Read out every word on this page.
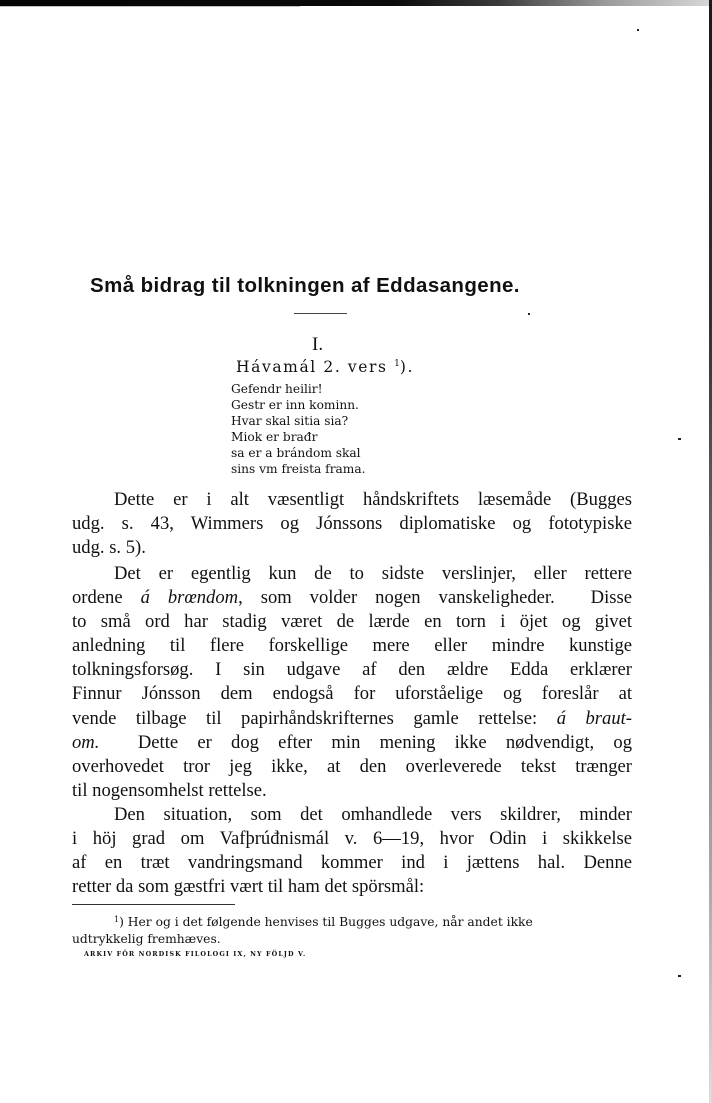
Små bidrag til tolkningen af Eddasangene.
I.
Hávamál 2. vers $^1$).
Gefendr heilir!
Gestr er inn kominn.
Hvar skal sitia sia?
Miok er brađr
sa er a brándom skal
sins vm freista frama.
Dette er i alt væsentligt håndskriftets læsemåde (Bugges
udg. s. 43, Wimmers og Jónssons diplomatiske og fototypiske
udg. s. 5).
Det er egentlig kun de to sidste verslinjer, eller rettere
ordene á brœndom, som volder nogen vanskeligheder.  Disse
to små ord har stadig været de lærde en torn i öjet og givet
anledning til flere forskellige mere eller mindre kunstige
tolkningsforsøg. I sin udgave af den ældre Edda erklærer
Finnur Jónsson dem endogså for uforståelige og foreslår at
vende tilbage til papirhåndskrifternes gamle rettelse: á braut-
om.  Dette er dog efter min mening ikke nødvendigt, og
overhovedet tror jeg ikke, at den overleverede tekst trænger
til nogensomhelst rettelse.
Den situation, som det omhandlede vers skildrer, minder
i höj grad om Vafþrúđnismál v. 6—19, hvor Odin i skikkelse
af en træt vandringsmand kommer ind i jættens hal. Denne
retter da som gæstfri vært til ham det spörsmål:
$^1$) Her og i det følgende henvises til Bugges udgave, når andet ikke
udtrykkelig fremhæves.
ARKIV FÖR NORDISK FILOLOGI IX, NY FÖLJD V.
